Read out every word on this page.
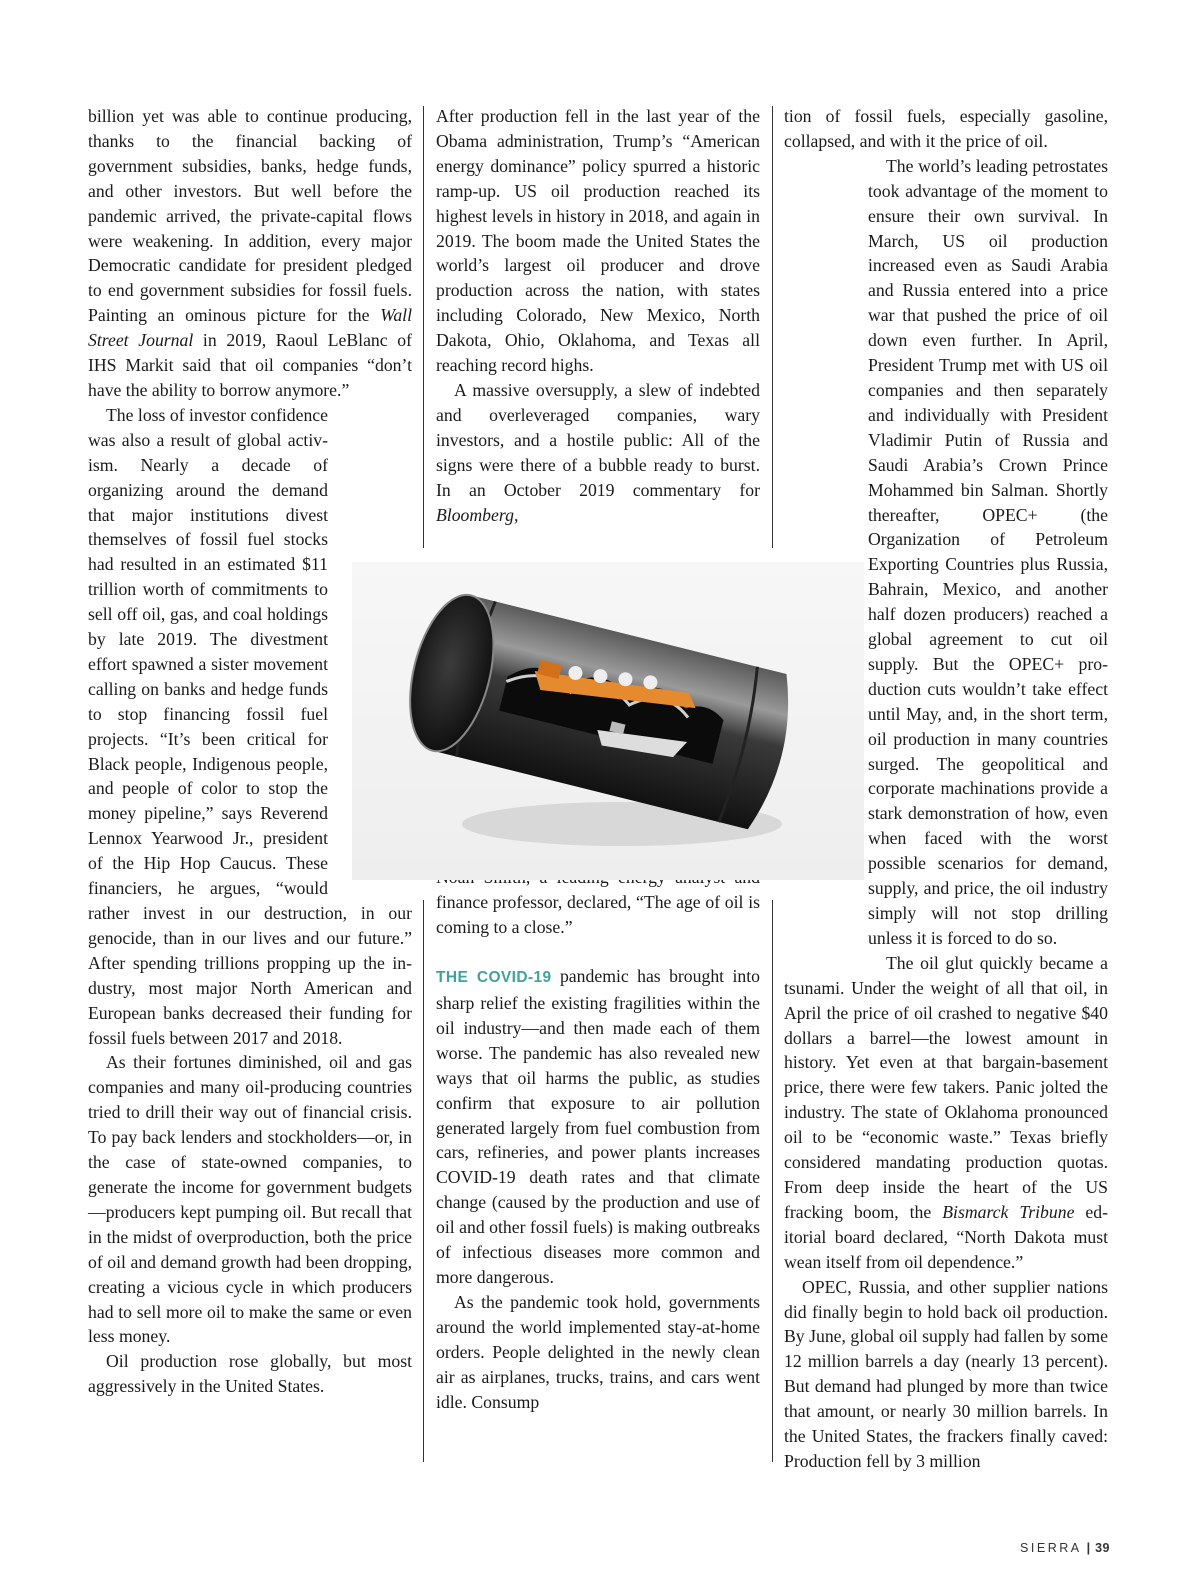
billion yet was able to continue producing, thanks to the financial backing of government subsidies, banks, hedge funds, and other investors. But well before the pandemic arrived, the private-capital flows were weakening. In addition, every major Democratic candidate for president pledged to end government subsidies for fossil fuels. Painting an ominous picture for the Wall Street Journal in 2019, Raoul LeBlanc of IHS Markit said that oil companies “don’t have the ability to borrow anymore.”

The loss of investor confidence was also a result of global activism. Nearly a decade of organizing around the demand that major institutions divest themselves of fossil fuel stocks had resulted in an estimated $11 trillion worth of commitments to sell off oil, gas, and coal holdings by late 2019. The divestment effort spawned a sister movement calling on banks and hedge funds to stop financing fossil fuel projects. “It’s been critical for Black people, Indigenous people, and people of color to stop the money pipeline,” says Reverend Lennox Yearwood Jr., president of the Hip Hop Caucus. These financiers, he argues, “would rather invest in our destruction, in our genocide, than in our lives and our future.” After spending trillions propping up the industry, most major North American and European banks decreased their funding for fossil fuels between 2017 and 2018.

As their fortunes diminished, oil and gas companies and many oil-producing countries tried to drill their way out of financial crisis. To pay back lenders and stockholders—or, in the case of state-owned companies, to generate the income for government budgets—producers kept pumping oil. But recall that in the midst of overproduction, both the price of oil and demand growth had been dropping, creating a vicious cycle in which producers had to sell more oil to make the same or even less money.

Oil production rose globally, but most aggressively in the United States.

After production fell in the last year of the Obama administration, Trump’s “American energy dominance” policy spurred a historic ramp-up. US oil production reached its highest levels in history in 2018, and again in 2019. The boom made the United States the world’s largest oil producer and drove production across the nation, with states including Colorado, New Mexico, North Dakota, Ohio, Oklahoma, and Texas all reaching record highs.

A massive oversupply, a slew of indebted and overleveraged companies, wary investors, and a hostile public: All of the signs were there of a bubble ready to burst. In an October 2019 commentary for Bloomberg,
finance professor, declared, “The age of oil is coming to a close.”

THE COVID-19 pandemic has brought into sharp relief the existing fragilities within the oil industry—and then made each of them worse. The pandemic has also revealed new ways that oil harms the public, as studies confirm that exposure to air pollution generated largely from fuel combustion from cars, refineries, and power plants increases COVID-19 death rates and that climate change (caused by the production and use of oil and other fossil fuels) is making outbreaks of infectious diseases more common and more dangerous.

As the pandemic took hold, governments around the world implemented stay-at-home orders. People delighted in the newly clean air as airplanes, trucks, trains, and cars went idle. Consump

tion of fossil fuels, especially gasoline, collapsed, and with it the price of oil.

The world’s leading petrostates took advantage of the moment to ensure their own survival. In March, US oil production increased even as Saudi Arabia and Russia entered into a price war that pushed the price of oil down even further. In April, President Trump met with US oil companies and then separately and individually with President Vladimir Putin of Russia and Saudi Arabia’s Crown Prince Mohammed bin Salman. Shortly thereafter, OPEC+ (the Organization of Petroleum Exporting Countries plus Russia, Bahrain, Mexico, and another half dozen producers) reached a global agreement to cut oil supply. But the OPEC+ production cuts wouldn’t take effect until May, and, in the short term, oil production in many countries surged. The geopolitical and corporate machinations provide a stark demonstration of how, even when faced with the worst possible scenarios for demand, supply, and price, the oil industry simply will not stop drilling unless it is forced to do so.

The oil glut quickly became a tsunami. Under the weight of all that oil, in April the price of oil crashed to negative $40 dollars a barrel—the lowest amount in history. Yet even at that bargain-basement price, there were few takers. Panic jolted the industry. The state of Oklahoma pronounced oil to be “economic waste.” Texas briefly considered mandating production quotas. From deep inside the heart of the US fracking boom, the Bismarck Tribune editorial board declared, “North Dakota must wean itself from oil dependence.”

OPEC, Russia, and other supplier nations did finally begin to hold back oil production. By June, global oil supply had fallen by some 12 million barrels a day (nearly 13 percent). But demand had plunged by more than twice that amount, or nearly 30 million barrels. In the United States, the frackers finally caved: Production fell by 3 million

SIERRA | 39
